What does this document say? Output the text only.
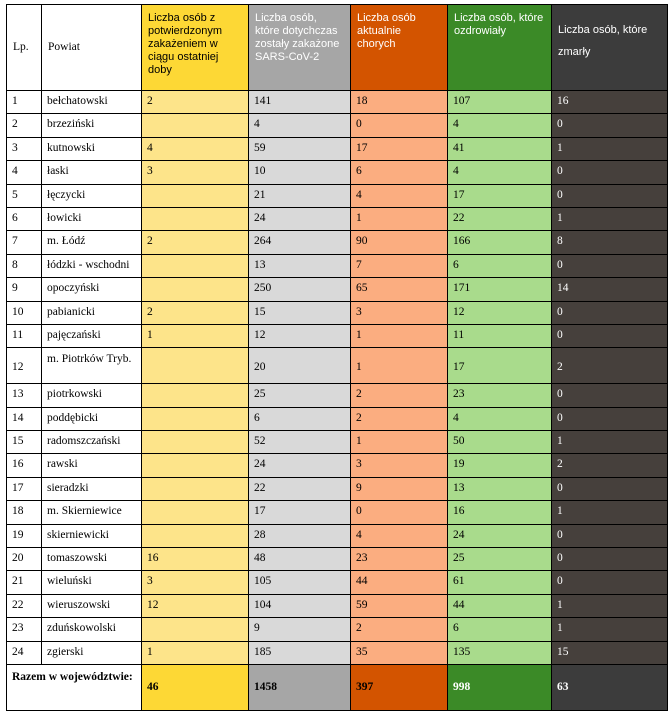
Lp.	Powiat	Liczba osób z potwierdzonym zakażeniem w ciągu ostatniej doby	Liczba osób, które dotychczas zostały zakażone SARS-CoV-2	Liczba osób aktualnie chorych	Liczba osób, które ozdrowiały	Liczba osób, które zmarły

1	bełchatowski	2	141	18	107	16
2	brzeziński		4	0	4	0
3	kutnowski	4	59	17	41	1
4	łaski	3	10	6	4	0
5	łęczycki		21	4	17	0
6	łowicki		24	1	22	1
7	m. Łódź	2	264	90	166	8
8	łódzki - wschodni		13	7	6	0
9	opoczyński		250	65	171	14
10	pabianicki	2	15	3	12	0
11	pajęczański	1	12	1	11	0
12	m. Piotrków Tryb.		20	1	17	2
13	piotrkowski		25	2	23	0
14	poddębicki		6	2	4	0
15	radomszczański		52	1	50	1
16	rawski		24	3	19	2
17	sieradzki		22	9	13	0
18	m. Skierniewice		17	0	16	1
19	skierniewicki		28	4	24	0
20	tomaszowski	16	48	23	25	0
21	wieluński	3	105	44	61	0
22	wieruszowski	12	104	59	44	1
23	zduńskowolski		9	2	6	1
24	zgierski	1	185	35	135	15
Razem w województwie:		46	1458	397	998	63
